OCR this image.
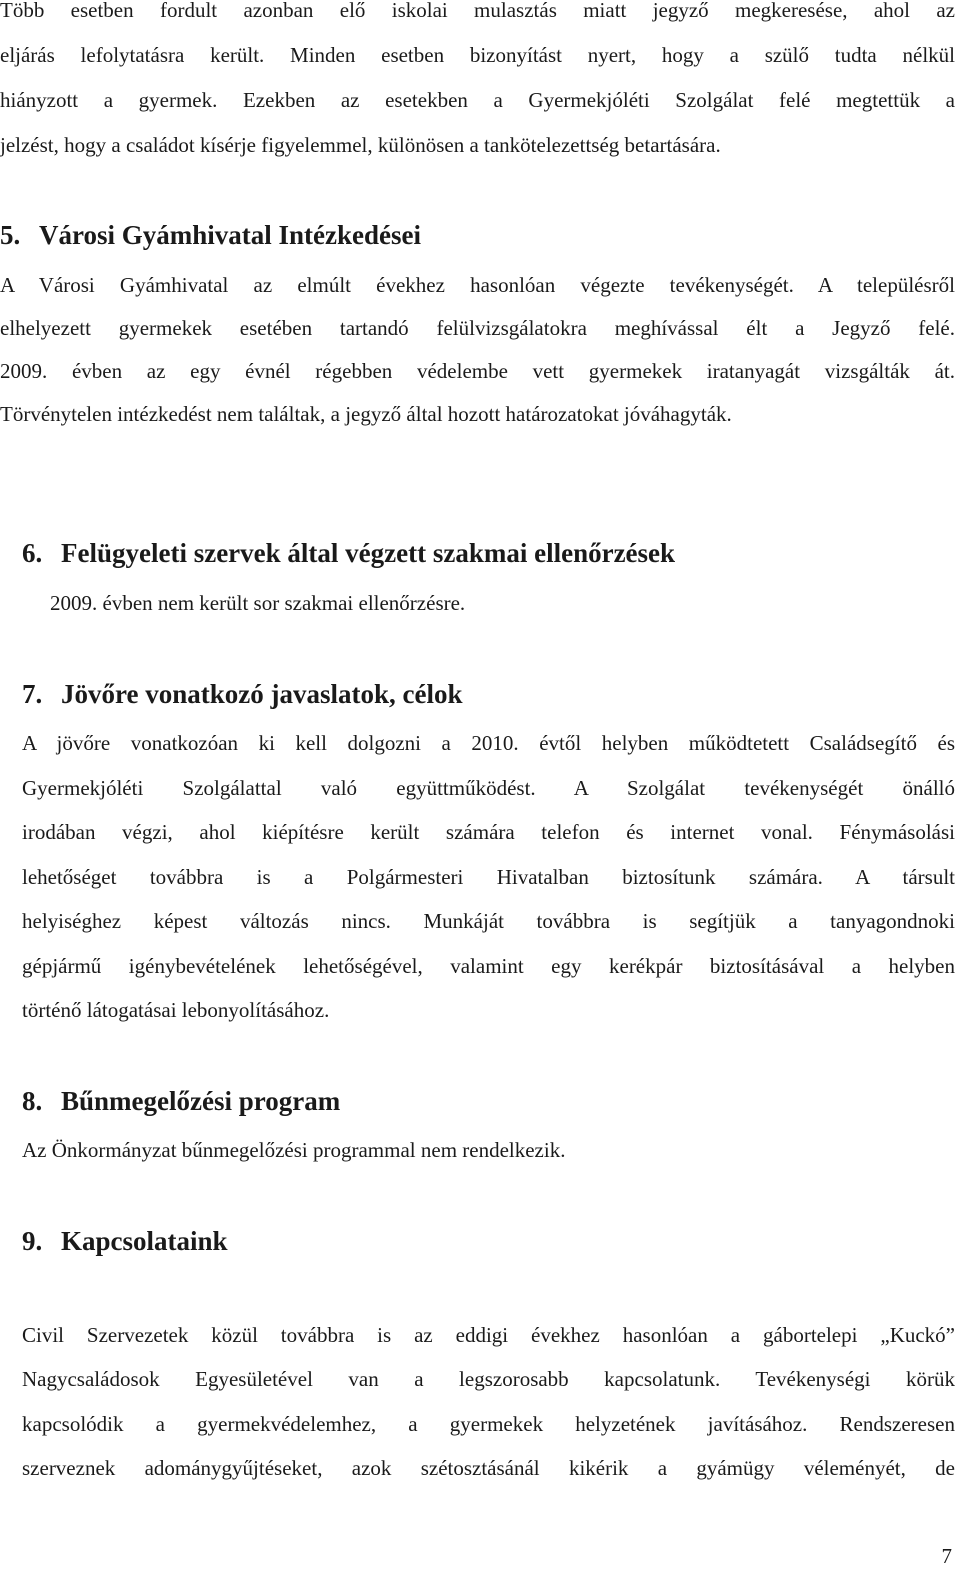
Több esetben fordult azonban elő iskolai mulasztás miatt jegyző megkeresése, ahol az
eljárás lefolytatásra került. Minden esetben bizonyítást nyert, hogy a szülő tudta nélkül
hiányzott a gyermek. Ezekben az esetekben a Gyermekjóléti Szolgálat felé megtettük a
jelzést, hogy a családot kísérje figyelemmel, különösen a tankötelezettség betartására.
5. Városi Gyámhivatal Intézkedései
A Városi Gyámhivatal az elmúlt évekhez hasonlóan végezte tevékenységét. A településről
elhelyezett gyermekek esetében tartandó felülvizsgálatokra meghívással élt a Jegyző felé.
2009. évben az egy évnél régebben védelembe vett gyermekek iratanyagát vizsgálták át.
Törvénytelen intézkedést nem találtak, a jegyző által hozott határozatokat jóváhagyták.
6. Felügyeleti szervek által végzett szakmai ellenőrzések
2009. évben nem került sor szakmai ellenőrzésre.
7. Jövőre vonatkozó javaslatok, célok
A jövőre vonatkozóan ki kell dolgozni a 2010. évtől helyben működtetett Családsegítő és
Gyermekjóléti Szolgálattal való együttműködést. A Szolgálat tevékenységét önálló
irodában végzi, ahol kiépítésre került számára telefon és internet vonal. Fénymásolási
lehetőséget továbbra is a Polgármesteri Hivatalban biztosítunk számára. A társult
helyiséghez képest változás nincs. Munkáját továbbra is segítjük a tanyagondnoki
gépjármű igénybevételének lehetőségével, valamint egy kerékpár biztosításával a helyben
történő látogatásai lebonyolításához.
8. Bűnmegelőzési program
Az Önkormányzat bűnmegelőzési programmal nem rendelkezik.
9. Kapcsolataink
Civil Szervezetek közül továbbra is az eddigi évekhez hasonlóan a gábortelepi „Kuckó”
Nagycsaládosok Egyesületével van a legszorosabb kapcsolatunk. Tevékenységi körük
kapcsolódik a gyermekvédelemhez, a gyermekek helyzetének javításához. Rendszeresen
szerveznek adománygyűjtéseket, azok szétosztásánál kikérik a gyámügy véleményét, de
7
